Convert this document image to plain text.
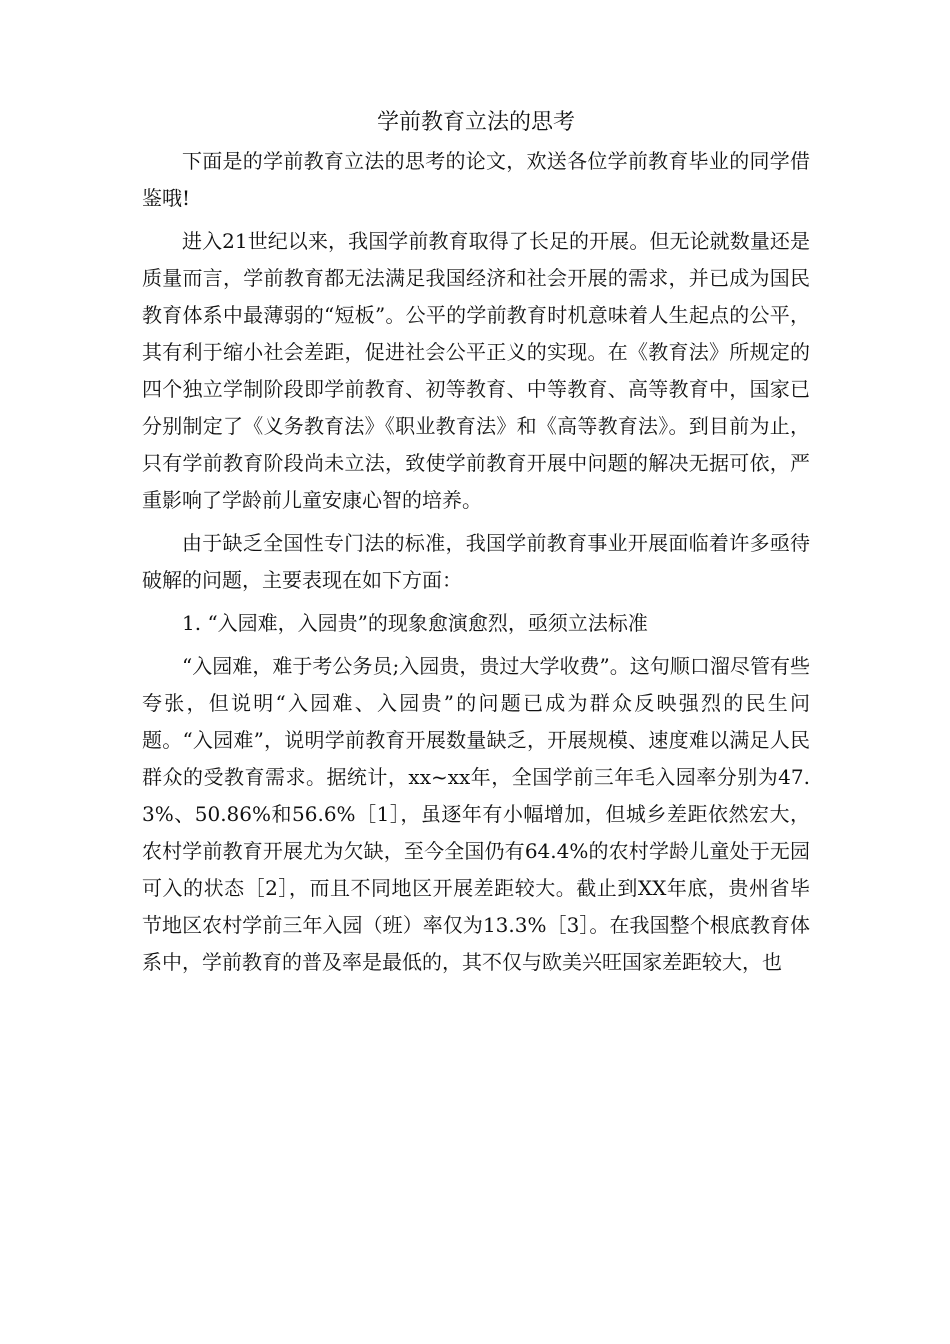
学前教育立法的思考

下面是的学前教育立法的思考的论文，欢送各位学前教育毕业的同学借鉴哦!

进入21世纪以来，我国学前教育取得了长足的开展。但无论就数量还是质量而言，学前教育都无法满足我国经济和社会开展的需求，并已成为国民教育体系中最薄弱的“短板”。公平的学前教育时机意味着人生起点的公平，其有利于缩小社会差距，促进社会公平正义的实现。在《教育法》所规定的四个独立学制阶段即学前教育、初等教育、中等教育、高等教育中，国家已分别制定了《义务教育法》《职业教育法》和《高等教育法》。到目前为止，只有学前教育阶段尚未立法，致使学前教育开展中问题的解决无据可依，严重影响了学龄前儿童安康心智的培养。

由于缺乏全国性专门法的标准，我国学前教育事业开展面临着许多亟待破解的问题，主要表现在如下方面：

1. “入园难，入园贵”的现象愈演愈烈，亟须立法标准

“入园难，难于考公务员;入园贵，贵过大学收费”。这句顺口溜尽管有些夸张，但说明“入园难、入园贵”的问题已成为群众反映强烈的民生问题。“入园难”，说明学前教育开展数量缺乏，开展规模、速度难以满足人民群众的受教育需求。据统计，xx~xx年，全国学前三年毛入园率分别为47.3%、50.86%和56.6%［1］，虽逐年有小幅增加，但城乡差距依然宏大，农村学前教育开展尤为欠缺，至今全国仍有64.4%的农村学龄儿童处于无园可入的状态［2］，而且不同地区开展差距较大。截止到XX年底，贵州省毕节地区农村学前三年入园（班）率仅为13.3%［3］。在我国整个根底教育体系中，学前教育的普及率是最低的，其不仅与欧美兴旺国家差距较大，也
